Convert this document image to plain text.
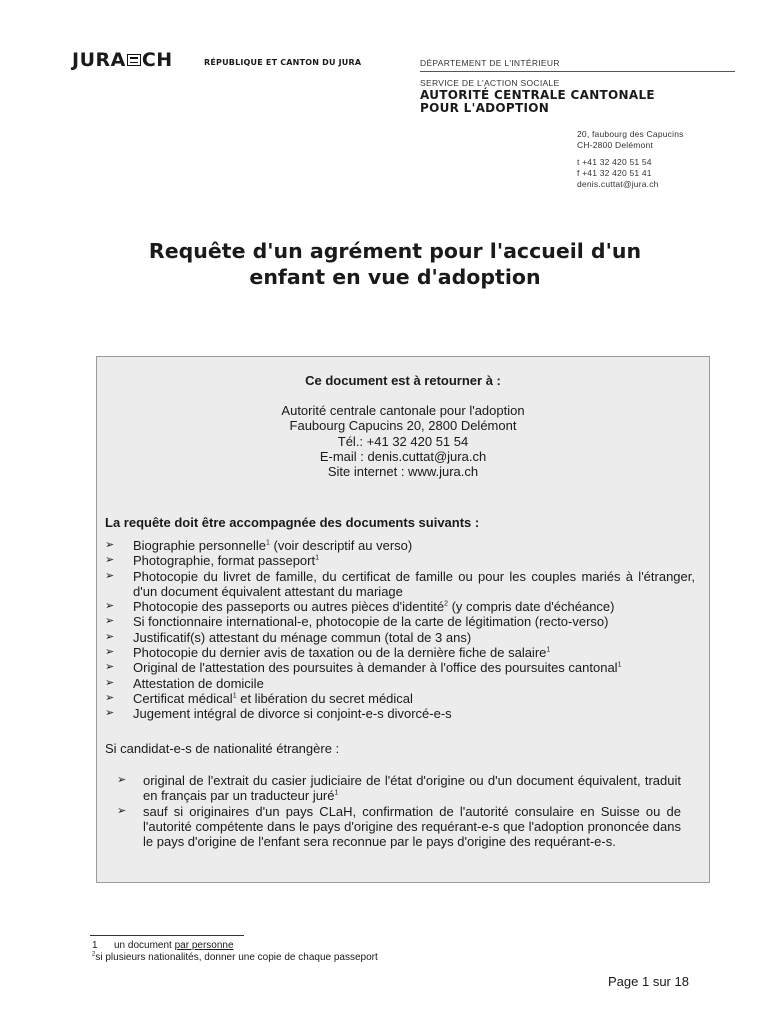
JURA CH	RÉPUBLIQUE ET CANTON DU JURA	DÉPARTEMENT DE L'INTÉRIEUR
SERVICE DE L'ACTION SOCIALE
AUTORITÉ CENTRALE CANTONALE
POUR L'ADOPTION
20, faubourg des Capucins
CH-2800 Delémont
t +41 32 420 51 54
f +41 32 420 51 41
denis.cuttat@jura.ch
Requête d'un agrément pour l'accueil d'un
enfant en vue d'adoption
Ce document est à retourner à :
Autorité centrale cantonale pour l'adoption
Faubourg Capucins 20, 2800 Delémont
Tél.: +41 32 420 51 54
E-mail : denis.cuttat@jura.ch
Site internet : www.jura.ch
La requête doit être accompagnée des documents suivants :
➢ Biographie personnelle$^1$ (voir descriptif au verso)
➢ Photographie, format passeport$^1$
➢ Photocopie du livret de famille, du certificat de famille ou pour les couples mariés à l'étranger, d'un document équivalent attestant du mariage
➢ Photocopie des passeports ou autres pièces d'identité$^2$ (y compris date d'échéance)
➢ Si fonctionnaire international-e, photocopie de la carte de légitimation (recto-verso)
➢ Justificatif(s) attestant du ménage commun (total de 3 ans)
➢ Photocopie du dernier avis de taxation ou de la dernière fiche de salaire$^1$
➢ Original de l'attestation des poursuites à demander à l'office des poursuites cantonal$^1$
➢ Attestation de domicile
➢ Certificat médical$^1$ et libération du secret médical
➢ Jugement intégral de divorce si conjoint-e-s divorcé-e-s
Si candidat-e-s de nationalité étrangère :
➢ original de l'extrait du casier judiciaire de l'état d'origine ou d'un document équivalent, traduit en français par un traducteur juré$^1$
➢ sauf si originaires d'un pays CLaH, confirmation de l'autorité consulaire en Suisse ou de l'autorité compétente dans le pays d'origine des requérant-e-s que l'adoption prononcée dans le pays d'origine de l'enfant sera reconnue par le pays d'origine des requérant-e-s.
1 un document par personne
$^2$si plusieurs nationalités, donner une copie de chaque passeport
Page 1 sur 18
